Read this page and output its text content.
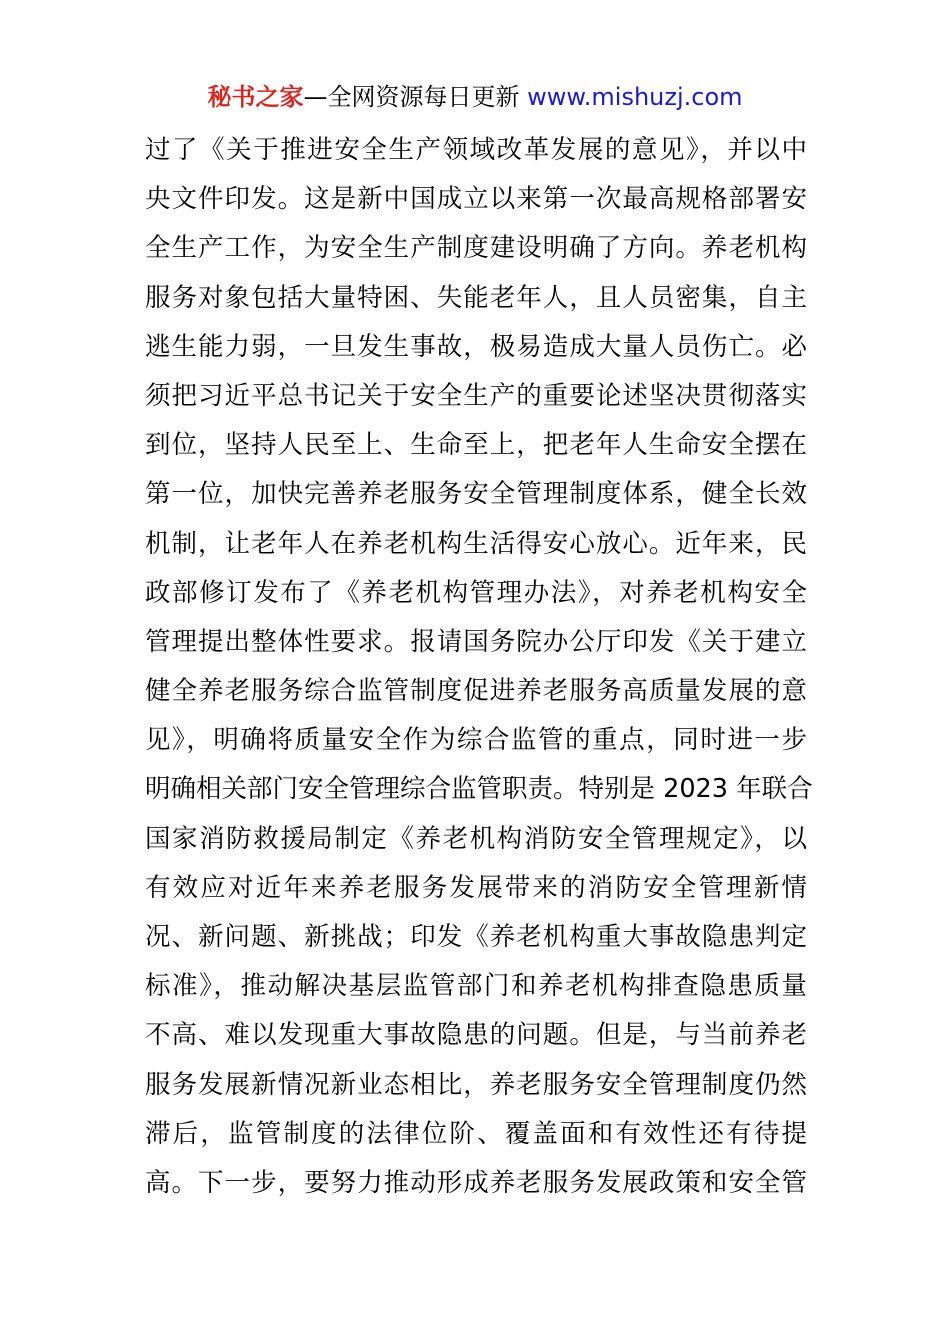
秘书之家—全网资源每日更新 www.mishuzj.com
过了《关于推进安全生产领域改革发展的意见》，并以中
央文件印发。这是新中国成立以来第一次最高规格部署安
全生产工作，为安全生产制度建设明确了方向。养老机构
服务对象包括大量特困、失能老年人，且人员密集，自主
逃生能力弱，一旦发生事故，极易造成大量人员伤亡。必
须把习近平总书记关于安全生产的重要论述坚决贯彻落实
到位，坚持人民至上、生命至上，把老年人生命安全摆在
第一位，加快完善养老服务安全管理制度体系，健全长效
机制，让老年人在养老机构生活得安心放心。近年来，民
政部修订发布了《养老机构管理办法》，对养老机构安全
管理提出整体性要求。报请国务院办公厅印发《关于建立
健全养老服务综合监管制度促进养老服务高质量发展的意
见》，明确将质量安全作为综合监管的重点，同时进一步
明确相关部门安全管理综合监管职责。特别是 2023 年联合
国家消防救援局制定《养老机构消防安全管理规定》，以
有效应对近年来养老服务发展带来的消防安全管理新情
况、新问题、新挑战；印发《养老机构重大事故隐患判定
标准》，推动解决基层监管部门和养老机构排查隐患质量
不高、难以发现重大事故隐患的问题。但是，与当前养老
服务发展新情况新业态相比，养老服务安全管理制度仍然
滞后，监管制度的法律位阶、覆盖面和有效性还有待提
高。下一步，要努力推动形成养老服务发展政策和安全管
